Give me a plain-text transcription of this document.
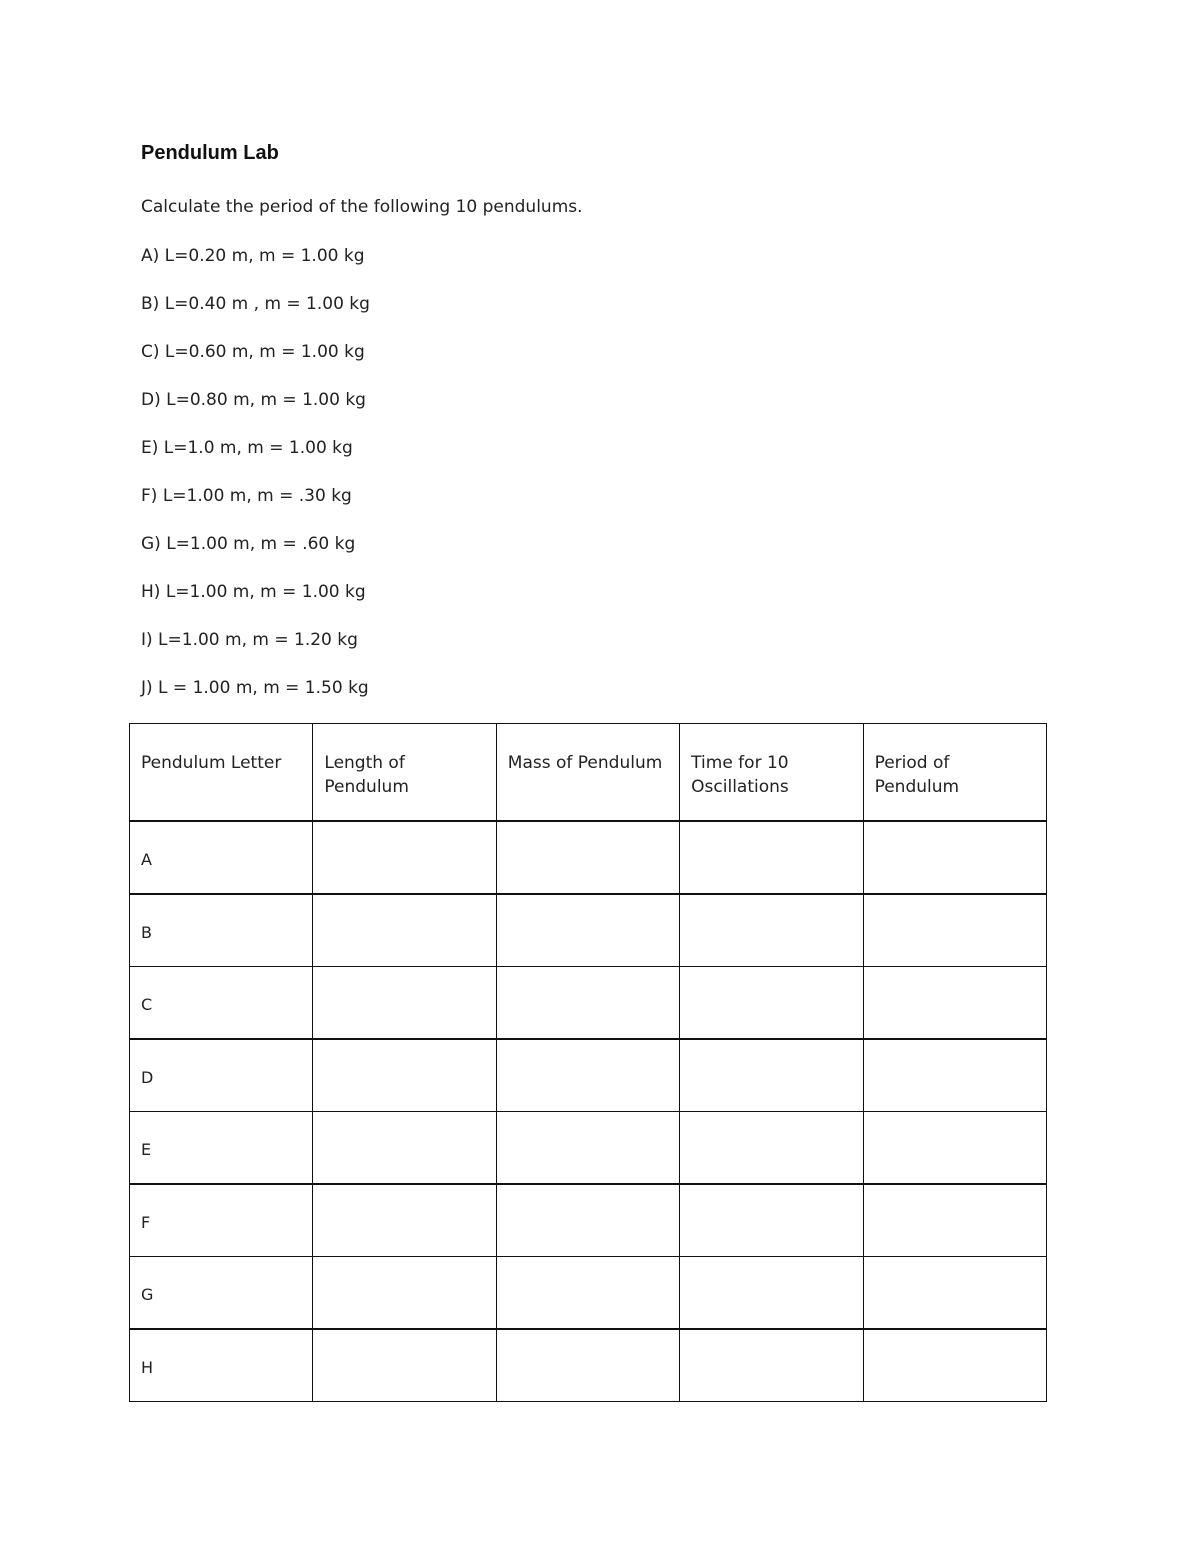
Pendulum Lab

Calculate the period of the following 10 pendulums.

A) L=0.20 m, m = 1.00 kg
B) L=0.40 m , m = 1.00 kg
C) L=0.60 m, m = 1.00 kg
D) L=0.80 m, m = 1.00 kg
E) L=1.0 m, m = 1.00 kg
F) L=1.00 m, m = .30 kg
G) L=1.00 m, m = .60 kg
H) L=1.00 m, m = 1.00 kg
I) L=1.00 m, m = 1.20 kg
J) L = 1.00 m, m = 1.50 kg
Pendulum Letter	Length of Pendulum	Mass of Pendulum	Time for 10 Oscillations	Period of Pendulum

A				

B				

C				

D				

E				

F				

G				

H				
